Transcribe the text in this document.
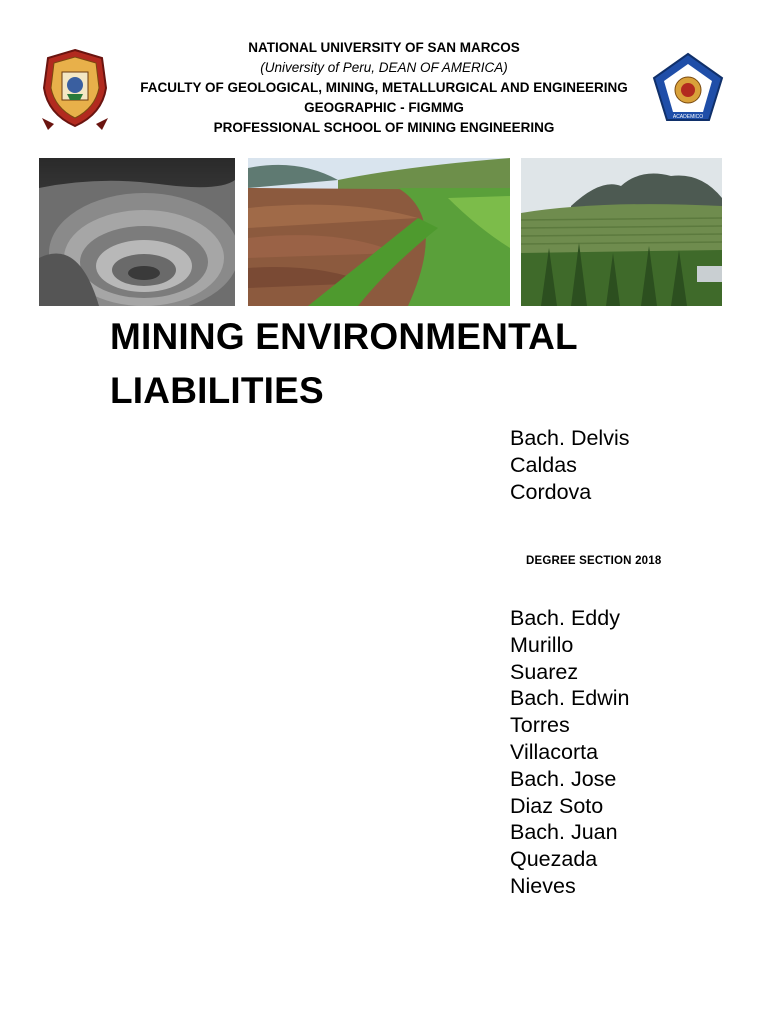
ACADEMICO
NATIONAL UNIVERSITY OF SAN MARCOS
(University of Peru, DEAN OF AMERICA)
FACULTY OF GEOLOGICAL, MINING, METALLURGICAL AND ENGINEERING
GEOGRAPHIC - FIGMMG
PROFESSIONAL SCHOOL OF MINING ENGINEERING
MINING ENVIRONMENTAL
LIABILITIES
Bach. Delvis
Caldas
Cordova
DEGREE SECTION 2018
Bach. Eddy
Murillo
Suarez
Bach. Edwin
Torres
Villacorta
Bach. Jose
Diaz Soto
Bach. Juan
Quezada
Nieves
